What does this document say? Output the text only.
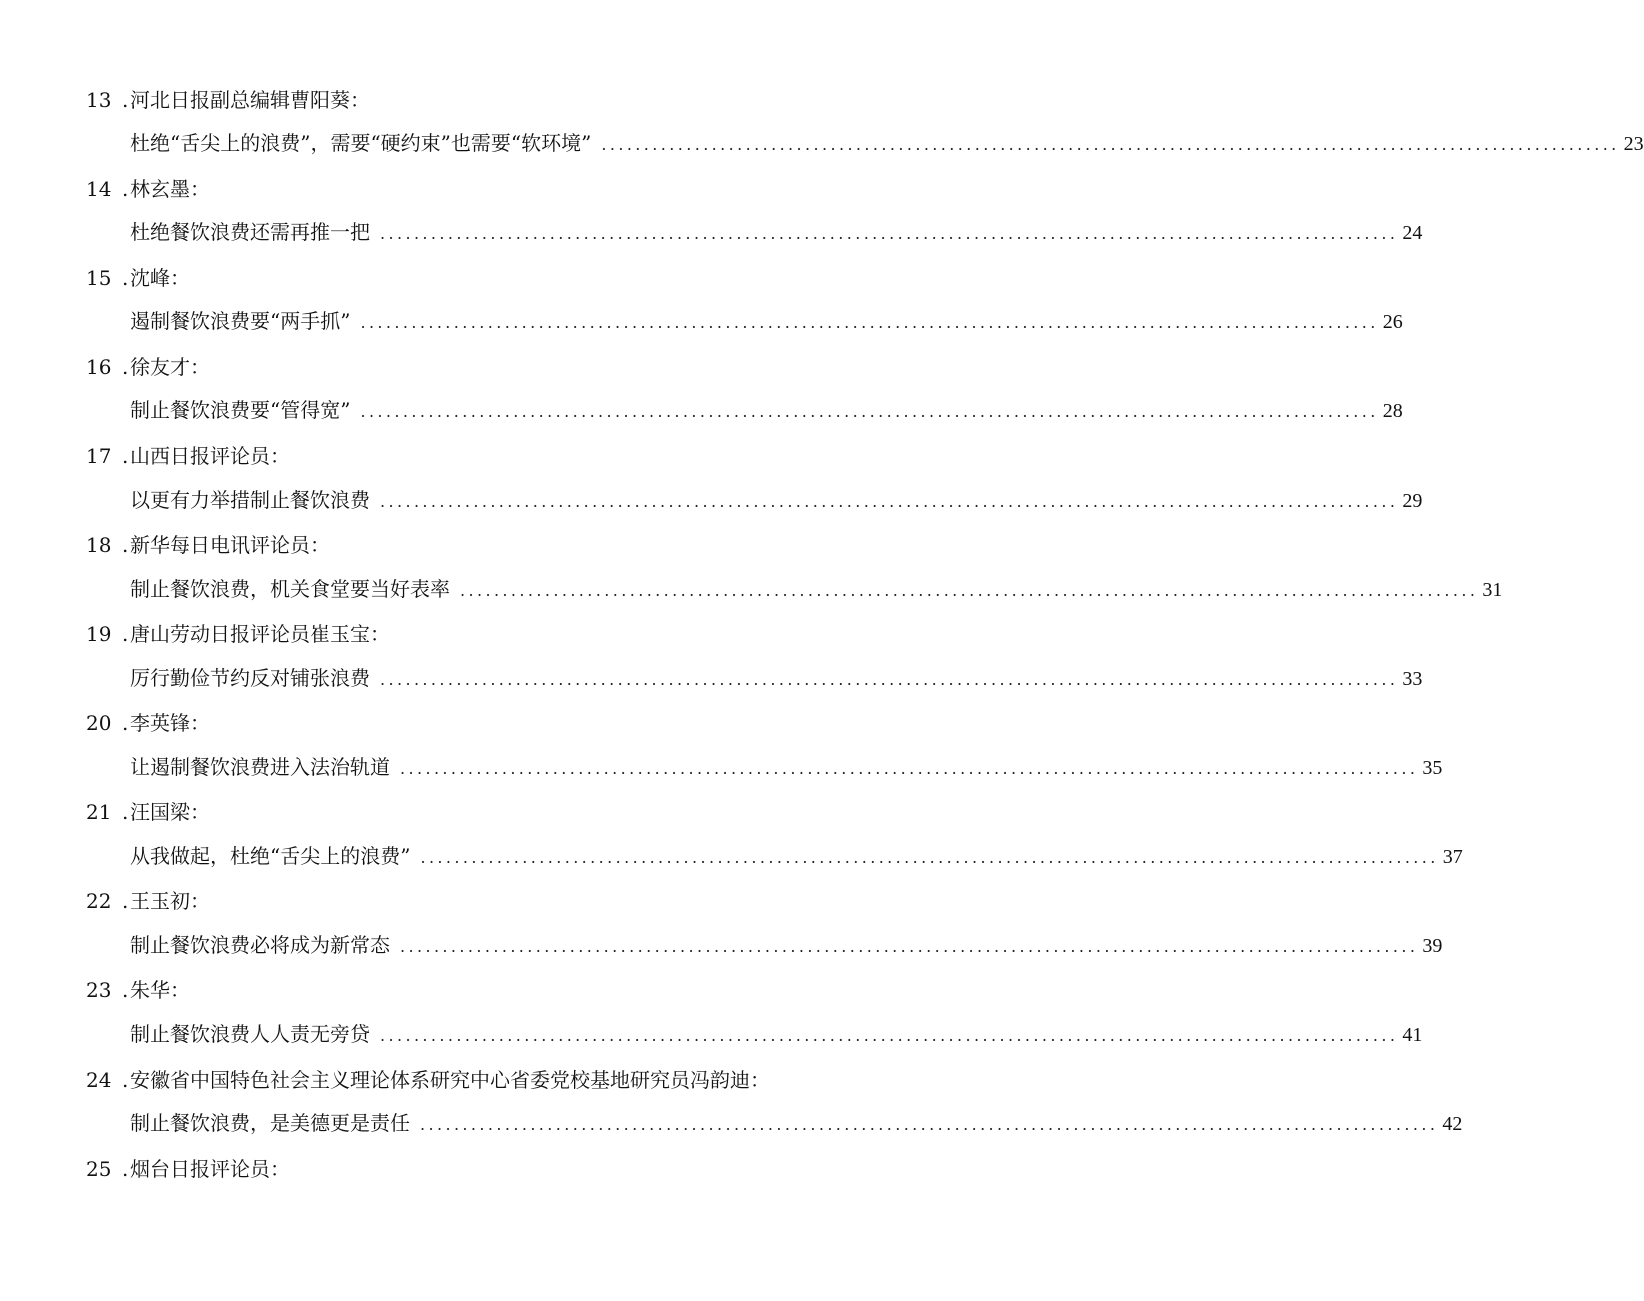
13 .河北日报副总编辑曹阳葵：
杜绝“舌尖上的浪费”，需要“硬约束”也需要“软环境” ........................................................................................................................ 23
14 .林玄墨：
杜绝餐饮浪费还需再推一把 ........................................................................................................................ 24
15 .沈峰：
遏制餐饮浪费要“两手抓” ........................................................................................................................ 26
16 .徐友才：
制止餐饮浪费要“管得宽” ........................................................................................................................ 28
17 .山西日报评论员：
以更有力举措制止餐饮浪费 ........................................................................................................................ 29
18 .新华每日电讯评论员：
制止餐饮浪费，机关食堂要当好表率 ........................................................................................................................ 31
19 .唐山劳动日报评论员崔玉宝：
厉行勤俭节约反对铺张浪费 ........................................................................................................................ 33
20 .李英锋：
让遏制餐饮浪费进入法治轨道 ........................................................................................................................ 35
21 .汪国梁：
从我做起，杜绝“舌尖上的浪费” ........................................................................................................................ 37
22 .王玉初：
制止餐饮浪费必将成为新常态 ........................................................................................................................ 39
23 .朱华：
制止餐饮浪费人人责无旁贷 ........................................................................................................................ 41
24 .安徽省中国特色社会主义理论体系研究中心省委党校基地研究员冯韵迪：
制止餐饮浪费，是美德更是责任 ........................................................................................................................ 42
25 .烟台日报评论员：
